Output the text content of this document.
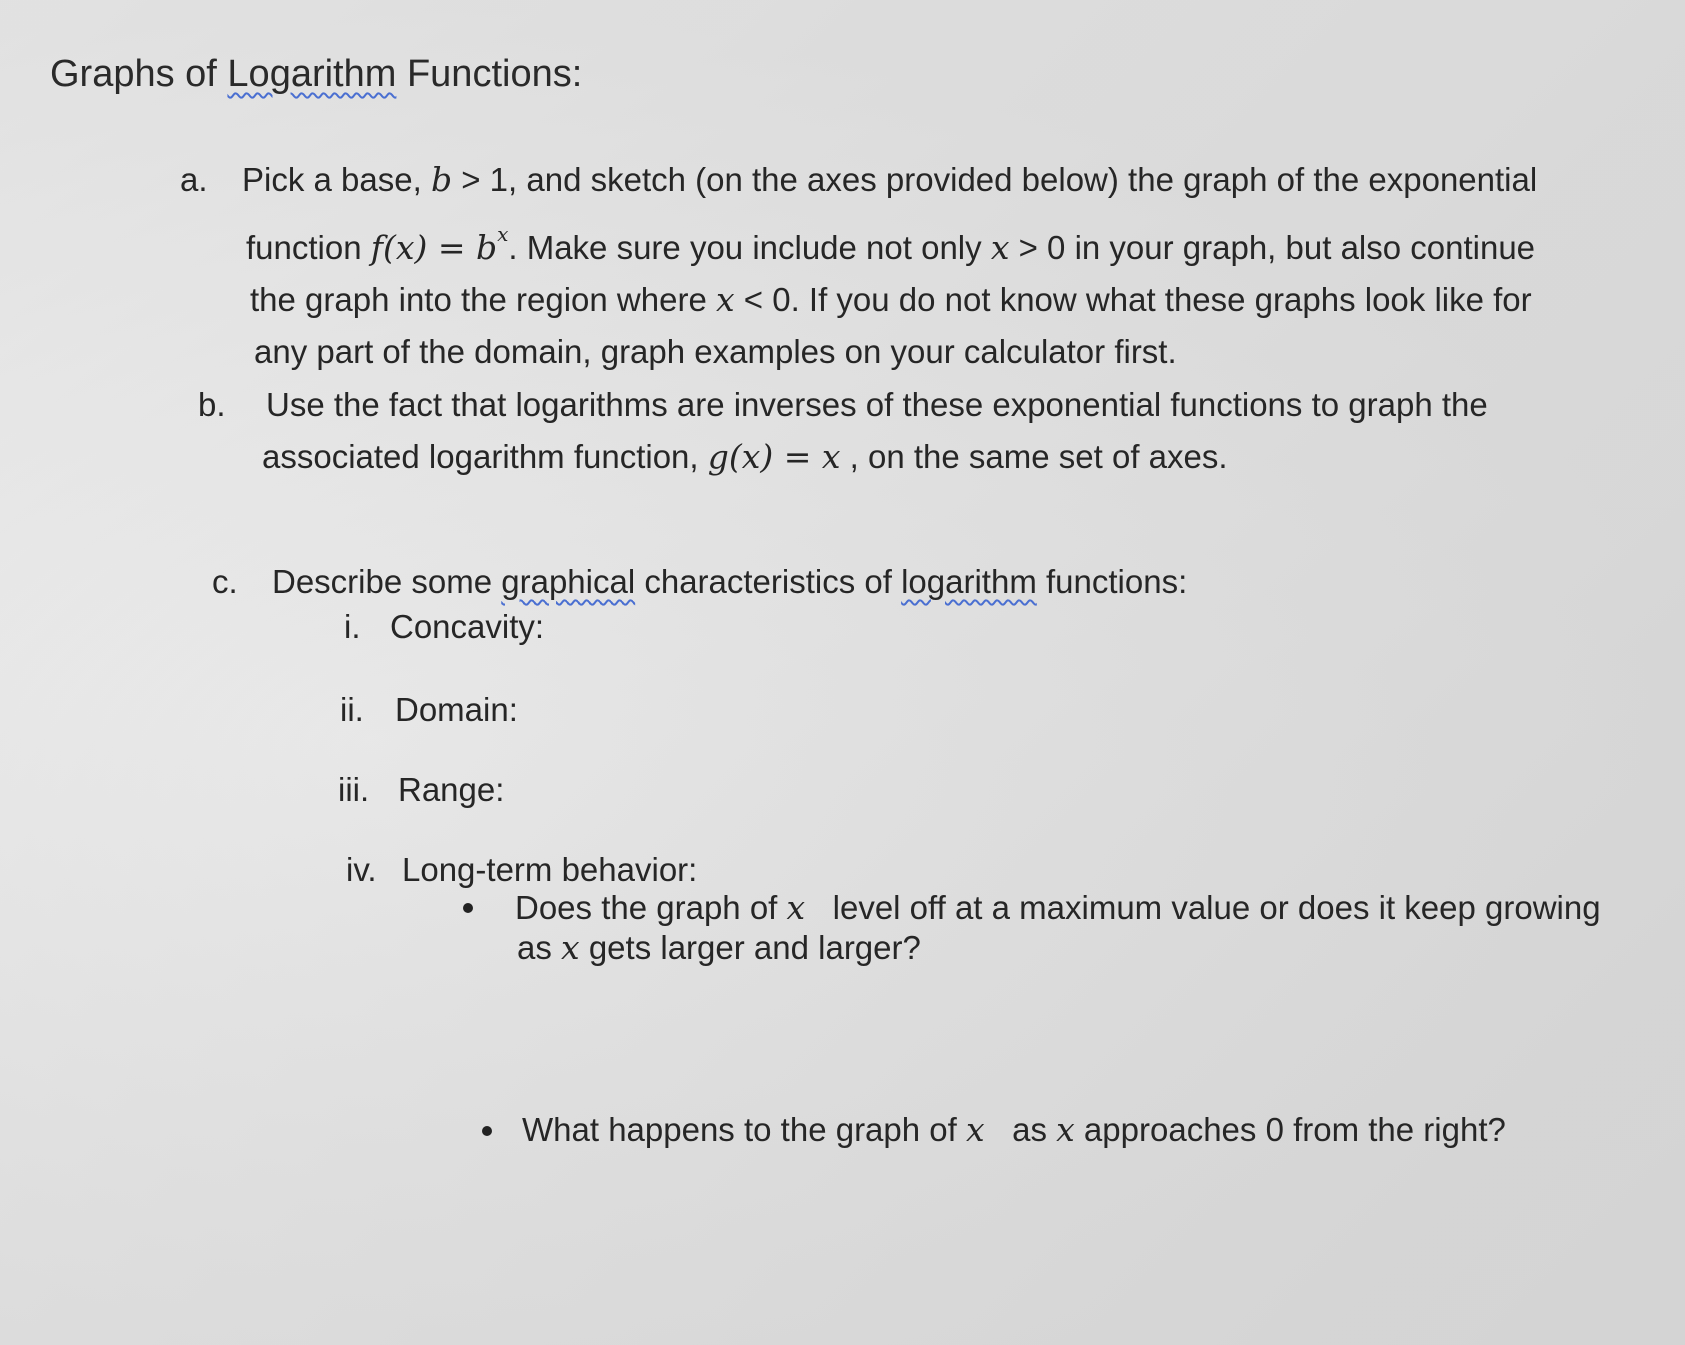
Graphs of Logarithm Functions:
a. Pick a base, b > 1, and sketch (on the axes provided below) the graph of the exponential
function $f(x) = b^x$. Make sure you include not only x > 0 in your graph, but also continue
the graph into the region where x < 0. If you do not know what these graphs look like for
any part of the domain, graph examples on your calculator first.
b. Use the fact that logarithms are inverses of these exponential functions to graph the
associated logarithm function, g(x) = x , on the same set of axes.
c. Describe some graphical characteristics of logarithm functions:
i. Concavity:
ii. Domain:
iii. Range:
iv. Long-term behavior:
Does the graph of x   level off at a maximum value or does it keep growing
as x gets larger and larger?
What happens to the graph of x   as x approaches 0 from the right?
